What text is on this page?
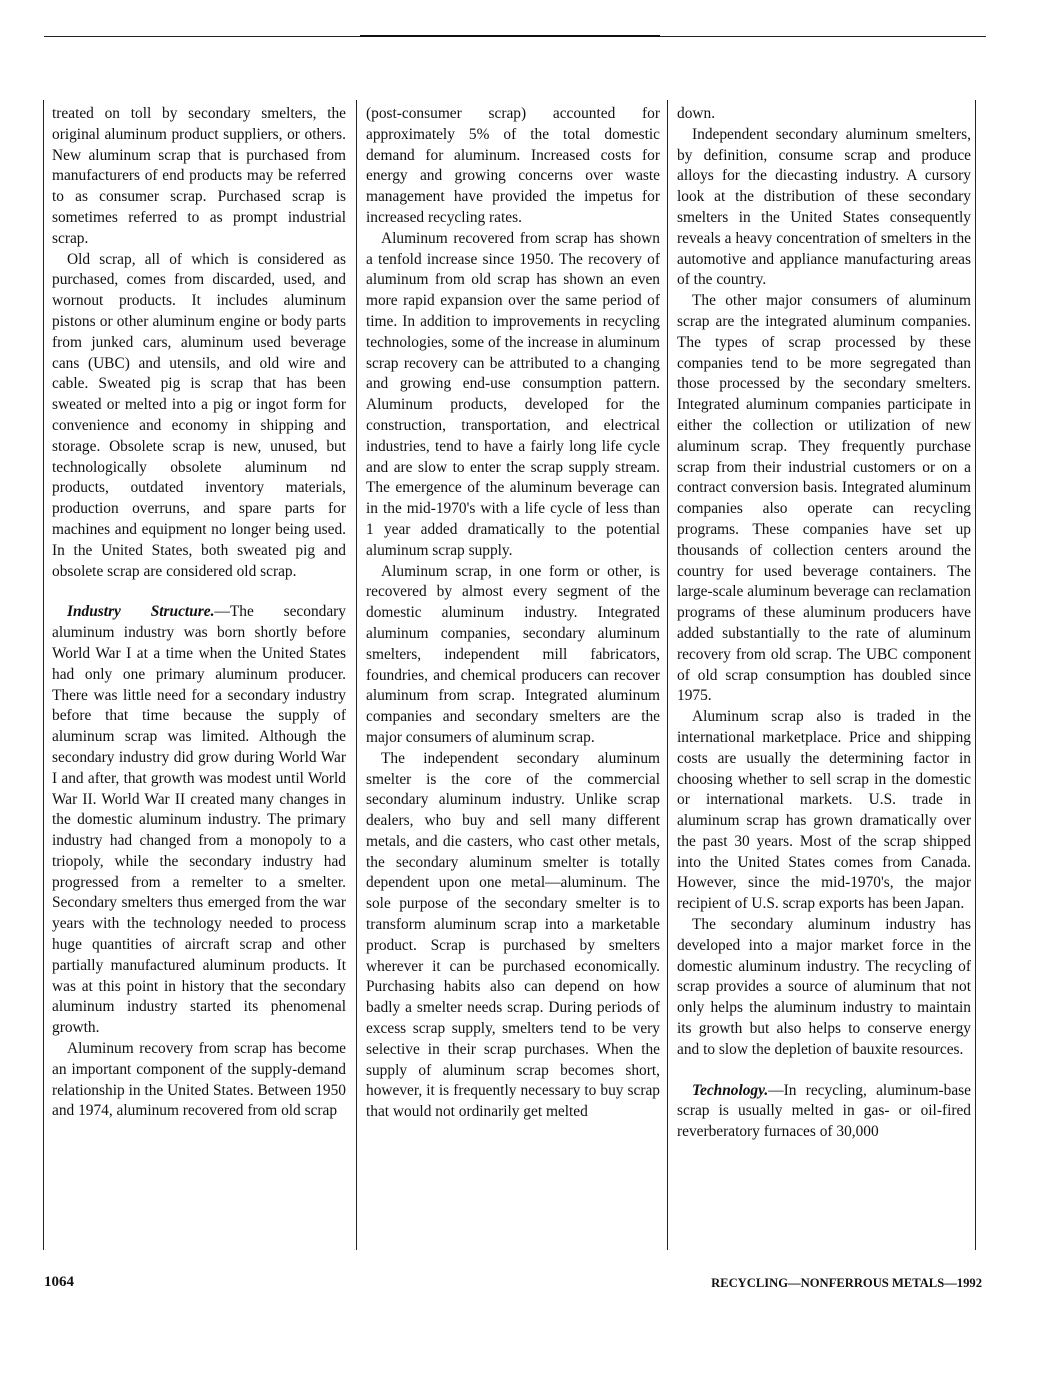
treated on toll by secondary smelters, the original aluminum product suppliers, or others. New aluminum scrap that is purchased from manufacturers of end products may be referred to as consumer scrap. Purchased scrap is sometimes referred to as prompt industrial scrap.

Old scrap, all of which is considered as purchased, comes from discarded, used, and wornout products. It includes aluminum pistons or other aluminum engine or body parts from junked cars, aluminum used beverage cans (UBC) and utensils, and old wire and cable. Sweated pig is scrap that has been sweated or melted into a pig or ingot form for convenience and economy in shipping and storage. Obsolete scrap is new, unused, but technologically obsolete aluminum nd products, outdated inventory materials, production overruns, and spare parts for machines and equipment no longer being used. In the United States, both sweated pig and obsolete scrap are considered old scrap.

Industry Structure.—The secondary aluminum industry was born shortly before World War I at a time when the United States had only one primary aluminum producer. There was little need for a secondary industry before that time because the supply of aluminum scrap was limited. Although the secondary industry did grow during World War I and after, that growth was modest until World War II. World War II created many changes in the domestic aluminum industry. The primary industry had changed from a monopoly to a triopoly, while the secondary industry had progressed from a remelter to a smelter. Secondary smelters thus emerged from the war years with the technology needed to process huge quantities of aircraft scrap and other partially manufactured aluminum products. It was at this point in history that the secondary aluminum industry started its phenomenal growth.

Aluminum recovery from scrap has become an important component of the supply-demand relationship in the United States. Between 1950 and 1974, aluminum recovered from old scrap

(post-consumer scrap) accounted for approximately 5% of the total domestic demand for aluminum. Increased costs for energy and growing concerns over waste management have provided the impetus for increased recycling rates.

Aluminum recovered from scrap has shown a tenfold increase since 1950. The recovery of aluminum from old scrap has shown an even more rapid expansion over the same period of time. In addition to improvements in recycling technologies, some of the increase in aluminum scrap recovery can be attributed to a changing and growing end-use consumption pattern. Aluminum products, developed for the construction, transportation, and electrical industries, tend to have a fairly long life cycle and are slow to enter the scrap supply stream. The emergence of the aluminum beverage can in the mid-1970's with a life cycle of less than 1 year added dramatically to the potential aluminum scrap supply.

Aluminum scrap, in one form or other, is recovered by almost every segment of the domestic aluminum industry. Integrated aluminum companies, secondary aluminum smelters, independent mill fabricators, foundries, and chemical producers can recover aluminum from scrap. Integrated aluminum companies and secondary smelters are the major consumers of aluminum scrap.

The independent secondary aluminum smelter is the core of the commercial secondary aluminum industry. Unlike scrap dealers, who buy and sell many different metals, and die casters, who cast other metals, the secondary aluminum smelter is totally dependent upon one metal—aluminum. The sole purpose of the secondary smelter is to transform aluminum scrap into a marketable product. Scrap is purchased by smelters wherever it can be purchased economically. Purchasing habits also can depend on how badly a smelter needs scrap. During periods of excess scrap supply, smelters tend to be very selective in their scrap purchases. When the supply of aluminum scrap becomes short, however, it is frequently necessary to buy scrap that would not ordinarily get melted

down.

Independent secondary aluminum smelters, by definition, consume scrap and produce alloys for the diecasting industry. A cursory look at the distribution of these secondary smelters in the United States consequently reveals a heavy concentration of smelters in the automotive and appliance manufacturing areas of the country.

The other major consumers of aluminum scrap are the integrated aluminum companies. The types of scrap processed by these companies tend to be more segregated than those processed by the secondary smelters. Integrated aluminum companies participate in either the collection or utilization of new aluminum scrap. They frequently purchase scrap from their industrial customers or on a contract conversion basis. Integrated aluminum companies also operate can recycling programs. These companies have set up thousands of collection centers around the country for used beverage containers. The large-scale aluminum beverage can reclamation programs of these aluminum producers have added substantially to the rate of aluminum recovery from old scrap. The UBC component of old scrap consumption has doubled since 1975.

Aluminum scrap also is traded in the international marketplace. Price and shipping costs are usually the determining factor in choosing whether to sell scrap in the domestic or international markets. U.S. trade in aluminum scrap has grown dramatically over the past 30 years. Most of the scrap shipped into the United States comes from Canada. However, since the mid-1970's, the major recipient of U.S. scrap exports has been Japan.

The secondary aluminum industry has developed into a major market force in the domestic aluminum industry. The recycling of scrap provides a source of aluminum that not only helps the aluminum industry to maintain its growth but also helps to conserve energy and to slow the depletion of bauxite resources.

Technology.—In recycling, aluminum-base scrap is usually melted in gas- or oil-fired reverberatory furnaces of 30,000

1064	RECYCLING—NONFERROUS METALS—1992
